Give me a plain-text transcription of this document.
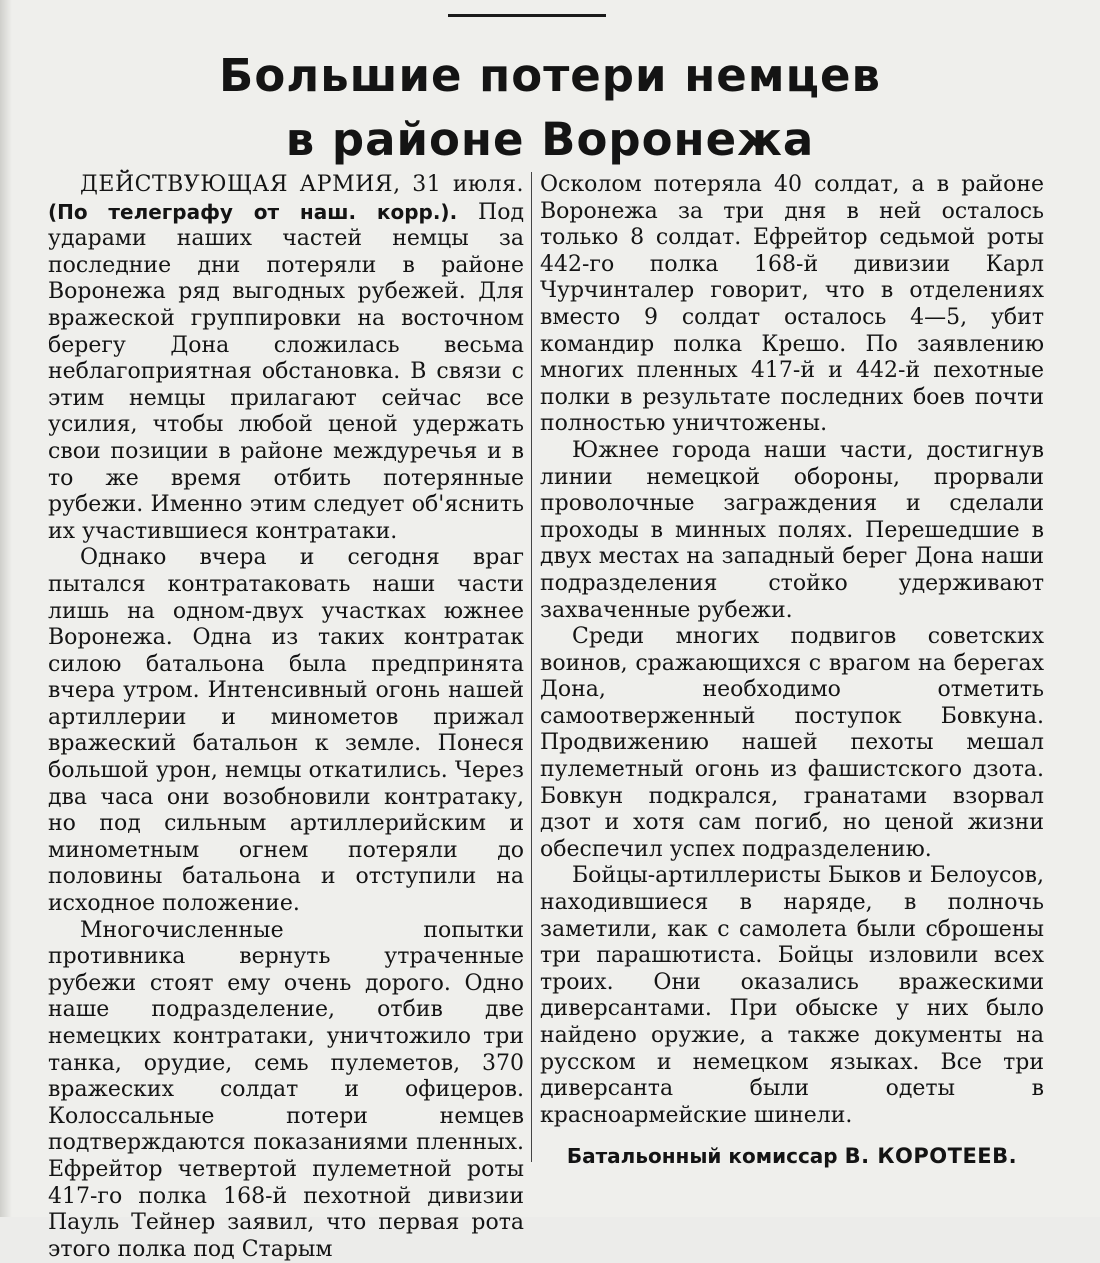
Большие потери немцев
в районе Воронежа

ДЕЙСТВУЮЩАЯ АРМИЯ, 31 июля. (По телеграфу от наш. корр.). Под ударами наших частей немцы за последние дни потеряли в районе Воронежа ряд выгодных рубежей. Для вражеской группировки на восточном берегу Дона сложилась весьма неблагоприятная обстановка. В связи с этим немцы прилагают сейчас все усилия, чтобы любой ценой удержать свои позиции в районе междуречья и в то же время отбить потерянные рубежи. Именно этим следует об'яснить их участившиеся контратаки.

Однако вчера и сегодня враг пытался контратаковать наши части лишь на одном-двух участках южнее Воронежа. Одна из таких контратак силою батальона была предпринята вчера утром. Интенсивный огонь нашей артиллерии и минометов прижал вражеский батальон к земле. Понеся большой урон, немцы откатились. Через два часа они возобновили контратаку, но под сильным артиллерийским и минометным огнем потеряли до половины батальона и отступили на исходное положение.

Многочисленные попытки противника вернуть утраченные рубежи стоят ему очень дорого. Одно наше подразделение, отбив две немецких контратаки, уничтожило три танка, орудие, семь пулеметов, 370 вражеских солдат и офицеров. Колоссальные потери немцев подтверждаются показаниями пленных. Ефрейтор четвертой пулеметной роты 417-го полка 168-й пехотной дивизии Пауль Тейнер заявил, что первая рота этого полка под Старым

Осколом потеряла 40 солдат, а в районе Воронежа за три дня в ней осталось только 8 солдат. Ефрейтор седьмой роты 442-го полка 168-й дивизии Карл Чурчинталер говорит, что в отделениях вместо 9 солдат осталось 4—5, убит командир полка Крешо. По заявлению многих пленных 417-й и 442-й пехотные полки в результате последних боев почти полностью уничтожены.

Южнее города наши части, достигнув линии немецкой обороны, прорвали проволочные заграждения и сделали проходы в минных полях. Перешедшие в двух местах на западный берег Дона наши подразделения стойко удерживают захваченные рубежи.

Среди многих подвигов советских воинов, сражающихся с врагом на берегах Дона, необходимо отметить самоотверженный поступок Бовкуна. Продвижению нашей пехоты мешал пулеметный огонь из фашистского дзота. Бовкун подкрался, гранатами взорвал дзот и хотя сам погиб, но ценой жизни обеспечил успех подразделению.

Бойцы-артиллеристы Быков и Белоусов, находившиеся в наряде, в полночь заметили, как с самолета были сброшены три парашютиста. Бойцы изловили всех троих. Они оказались вражескими диверсантами. При обыске у них было найдено оружие, а также документы на русском и немецком языках. Все три диверсанта были одеты в красноармейские шинели.

Батальонный комиссар В. КОРОТЕЕВ.
